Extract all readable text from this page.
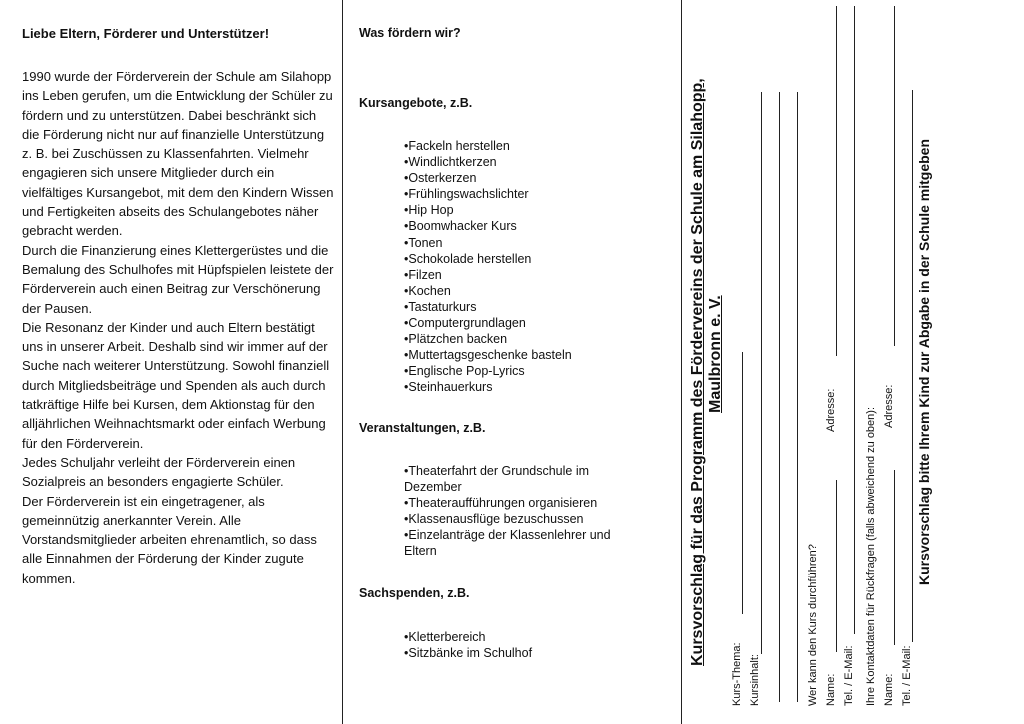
Liebe Eltern, Förderer und Unterstützer!

1990 wurde der Förderverein der Schule am Silahopp ins Leben gerufen, um die Entwicklung der Schüler zu fördern und zu unterstützen. Dabei beschränkt sich die Förderung nicht nur auf finanzielle Unterstützung z. B. bei Zuschüssen zu Klassenfahrten. Vielmehr engagieren sich unsere Mitglieder durch ein vielfältiges Kursangebot, mit dem den Kindern Wissen und Fertigkeiten abseits des Schulangebotes näher gebracht werden.

Durch die Finanzierung eines Klettergerüstes und die Bemalung des Schulhofes mit Hüpfspielen leistete der Förderverein auch einen Beitrag zur Verschönerung der Pausen.

Die Resonanz der Kinder und auch Eltern bestätigt uns in unserer Arbeit. Deshalb sind wir immer auf der Suche nach weiterer Unterstützung. Sowohl finanziell durch Mitgliedsbeiträge und Spenden als auch durch tatkräftige Hilfe bei Kursen, dem Aktionstag für den alljährlichen Weihnachtsmarkt oder einfach Werbung für den Förderverein.

Jedes Schuljahr verleiht der Förderverein einen Sozialpreis an besonders engagierte Schüler.

Der Förderverein ist ein eingetragener, als gemeinnützig anerkannter Verein. Alle Vorstandsmitglieder arbeiten ehrenamtlich, so dass alle Einnahmen der Förderung der Kinder zugute kommen.

Was fördern wir?
Kursangebote, z.B.
•Fackeln herstellen
•Windlichtkerzen
•Osterkerzen
•Frühlingswachslichter
•Hip Hop
•Boomwhacker Kurs
•Tonen
•Schokolade herstellen
•Filzen
•Kochen
•Tastaturkurs
•Computergrundlagen
•Plätzchen backen
•Muttertagsgeschenke basteln
•Englische Pop-Lyrics
•Steinhauerkurs
Veranstaltungen, z.B.
•Theaterfahrt der Grundschule im Dezember
•Theateraufführungen organisieren
•Klassenausflüge bezuschussen
•Einzelanträge der Klassenlehrer und Eltern
Sachspenden, z.B.
•Kletterbereich
•Sitzbänke im Schulhof	Kursvorschlag für das Programm des Fördervereins der Schule am Silahopp, Maulbronn e. V.
Kurs-Thema: Kursinhalt:	Wer kann den Kurs durchführen? Name:
Adresse:
Tel. / E-Mail: Ihre Kontaktdaten für Rückfragen (falls abweichend zu oben): Name:
Adresse:
Tel. / E-Mail:
Kursvorschlag bitte Ihrem Kind zur Abgabe in der Schule mitgeben
